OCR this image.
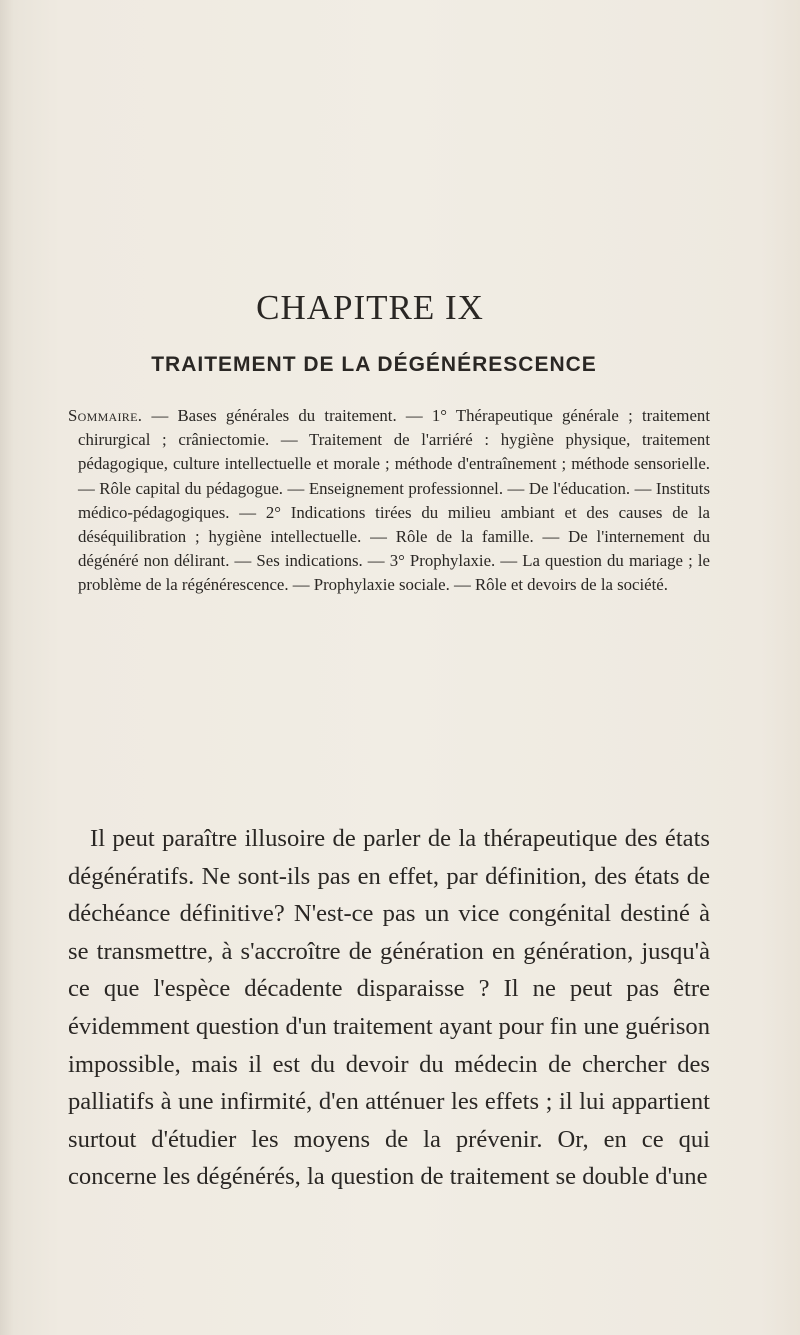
CHAPITRE IX
TRAITEMENT DE LA DÉGÉNÉRESCENCE

Sommaire. — Bases générales du traitement. — 1° Thérapeutique générale ; traitement chirurgical ; crâniectomie. — Traitement de l'arriéré : hygiène physique, traitement pédagogique, culture intellectuelle et morale ; méthode d'entraînement ; méthode sensorielle. — Rôle capital du pédagogue. — Enseignement professionnel. — De l'éducation. — Instituts médico-pédagogiques. — 2° Indications tirées du milieu ambiant et des causes de la déséquilibration ; hygiène intellectuelle. — Rôle de la famille. — De l'internement du dégénéré non délirant. — Ses indications. — 3° Prophylaxie. — La question du mariage ; le problème de la régénérescence. — Prophylaxie sociale. — Rôle et devoirs de la société.

Il peut paraître illusoire de parler de la thérapeutique des états dégénératifs. Ne sont-ils pas en effet, par définition, des états de déchéance définitive? N'est-ce pas un vice congénital destiné à se transmettre, à s'accroître de génération en génération, jusqu'à ce que l'espèce décadente disparaisse ? Il ne peut pas être évidemment question d'un traitement ayant pour fin une guérison impossible, mais il est du devoir du médecin de chercher des palliatifs à une infirmité, d'en atténuer les effets ; il lui appartient surtout d'étudier les moyens de la prévenir. Or, en ce qui concerne les dégénérés, la question de traitement se double d'une
